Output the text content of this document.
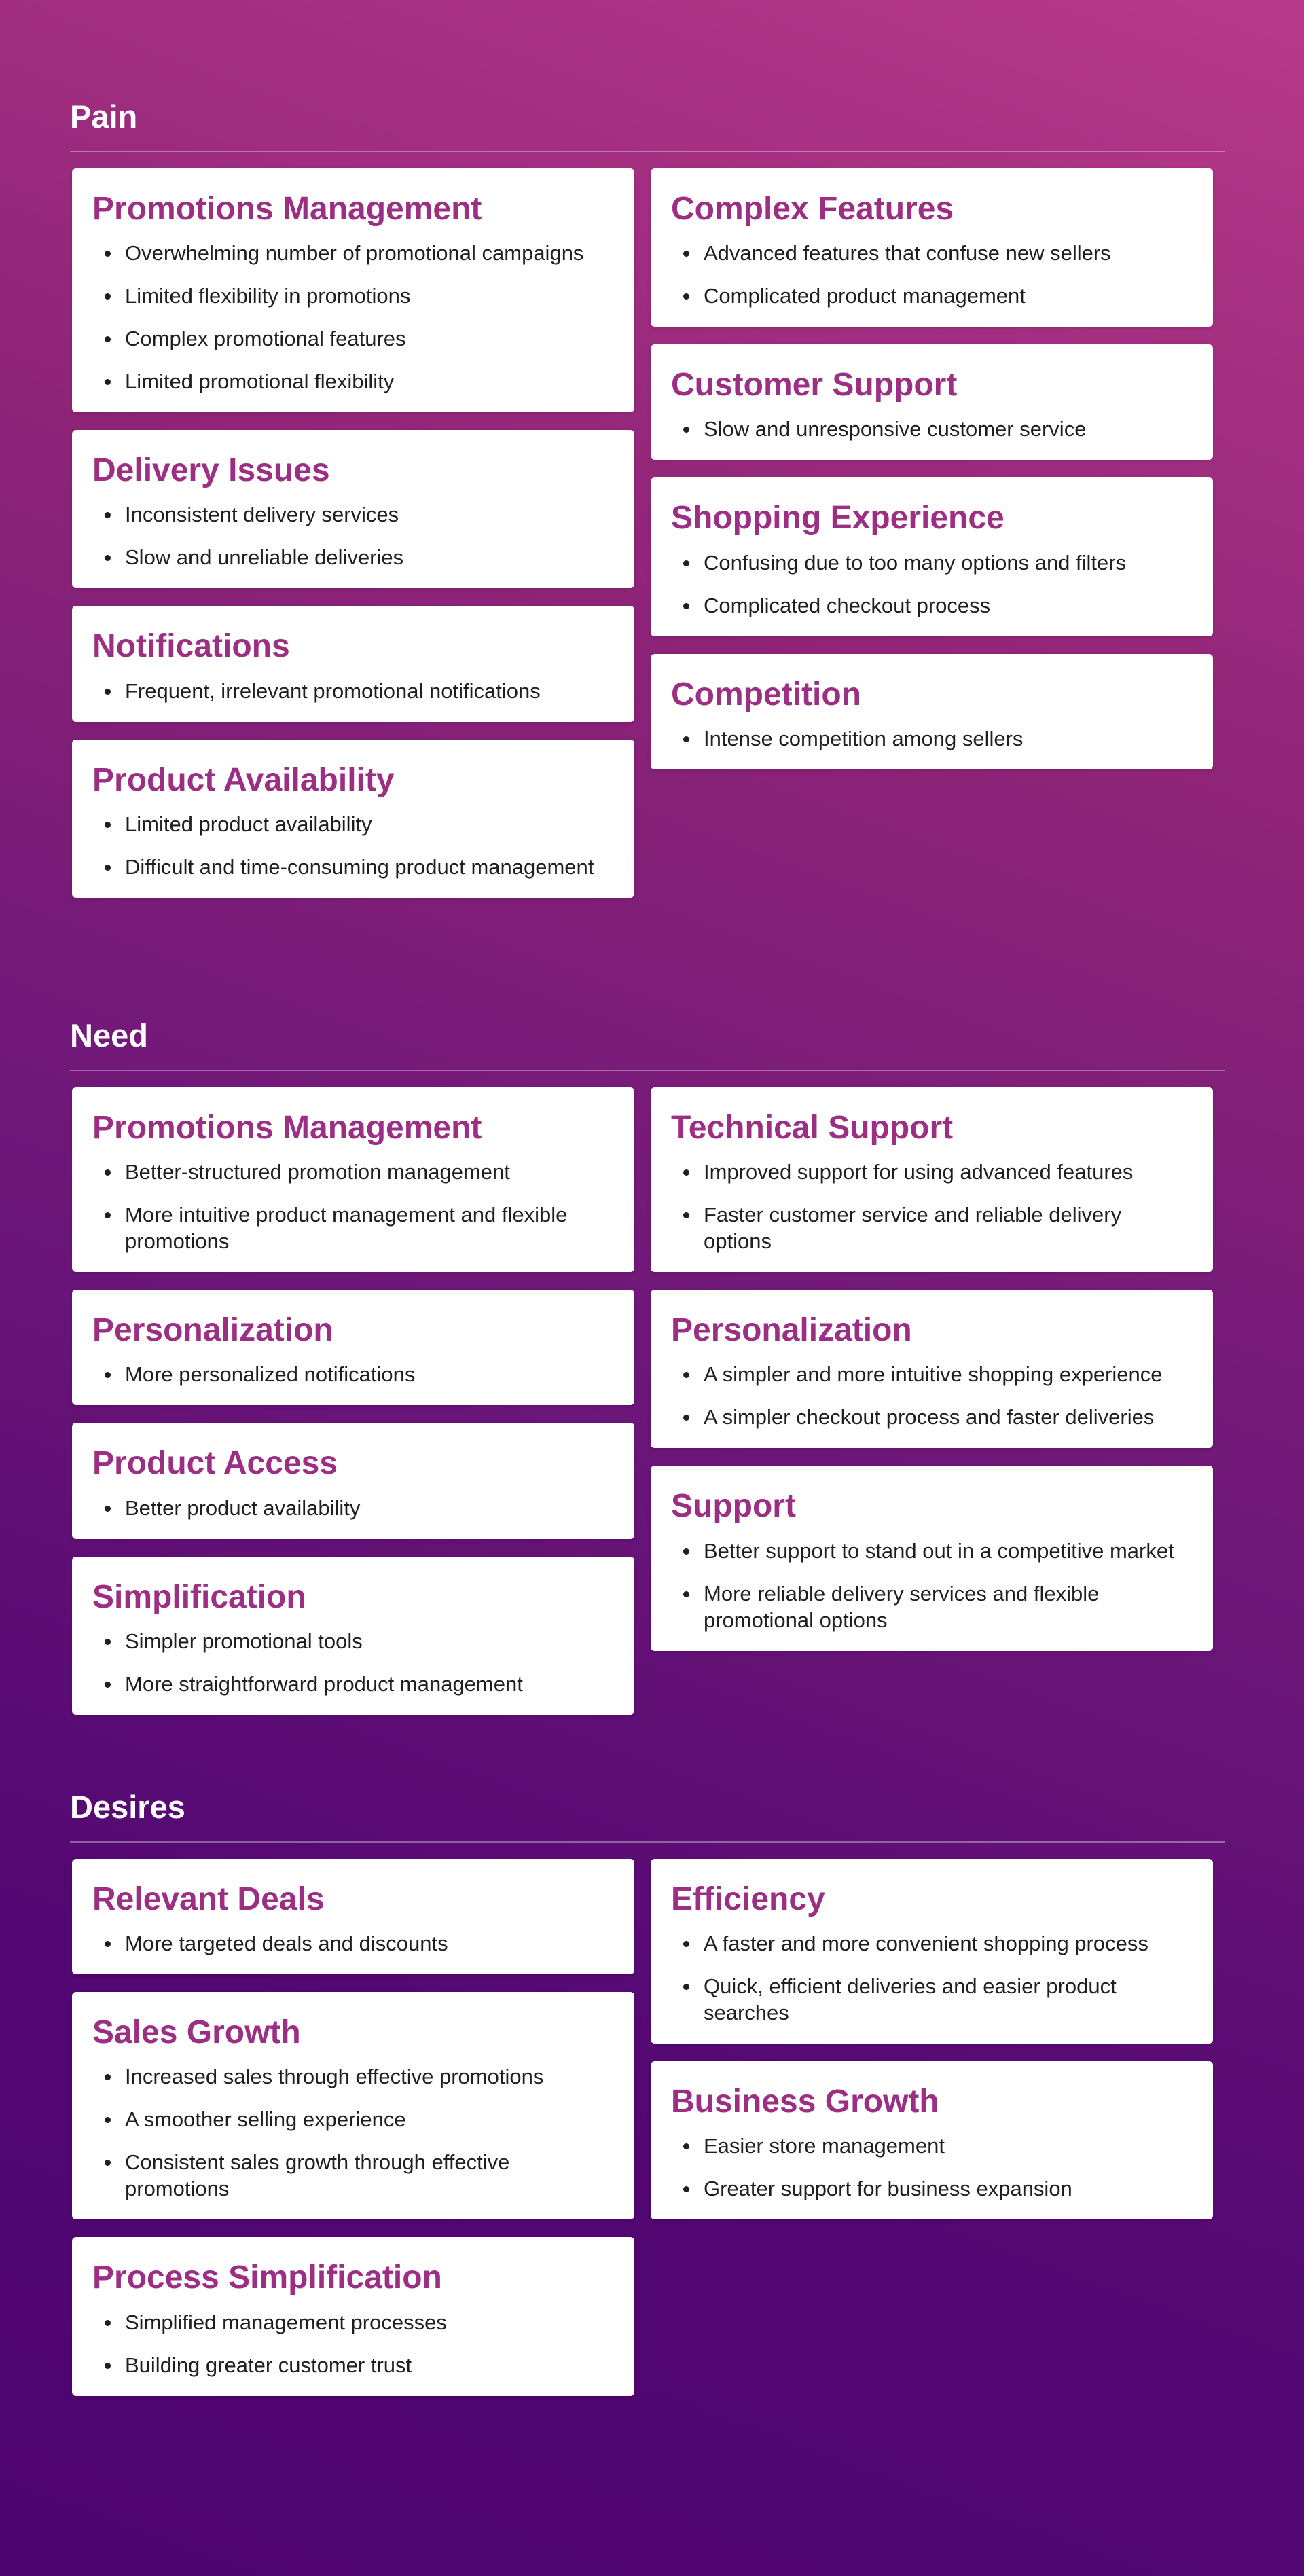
Pain
Promotions Management
Overwhelming number of promotional campaigns
Limited flexibility in promotions
Complex promotional features
Limited promotional flexibility
Delivery Issues
Inconsistent delivery services
Slow and unreliable deliveries
Notifications
Frequent, irrelevant promotional notifications
Product Availability
Limited product availability
Difficult and time-consuming product management
Complex Features
Advanced features that confuse new sellers
Complicated product management
Customer Support
Slow and unresponsive customer service
Shopping Experience
Confusing due to too many options and filters
Complicated checkout process
Competition
Intense competition among sellers
Need
Promotions Management
Better-structured promotion management
More intuitive product management and flexible promotions
Personalization
More personalized notifications
Product Access
Better product availability
Simplification
Simpler promotional tools
More straightforward product management
Technical Support
Improved support for using advanced features
Faster customer service and reliable delivery options
Personalization
A simpler and more intuitive shopping experience
A simpler checkout process and faster deliveries
Support
Better support to stand out in a competitive market
More reliable delivery services and flexible promotional options
Desires
Relevant Deals
More targeted deals and discounts
Sales Growth
Increased sales through effective promotions
A smoother selling experience
Consistent sales growth through effective promotions
Process Simplification
Simplified management processes
Building greater customer trust
Efficiency
A faster and more convenient shopping process
Quick, efficient deliveries and easier product searches
Business Growth
Easier store management
Greater support for business expansion
